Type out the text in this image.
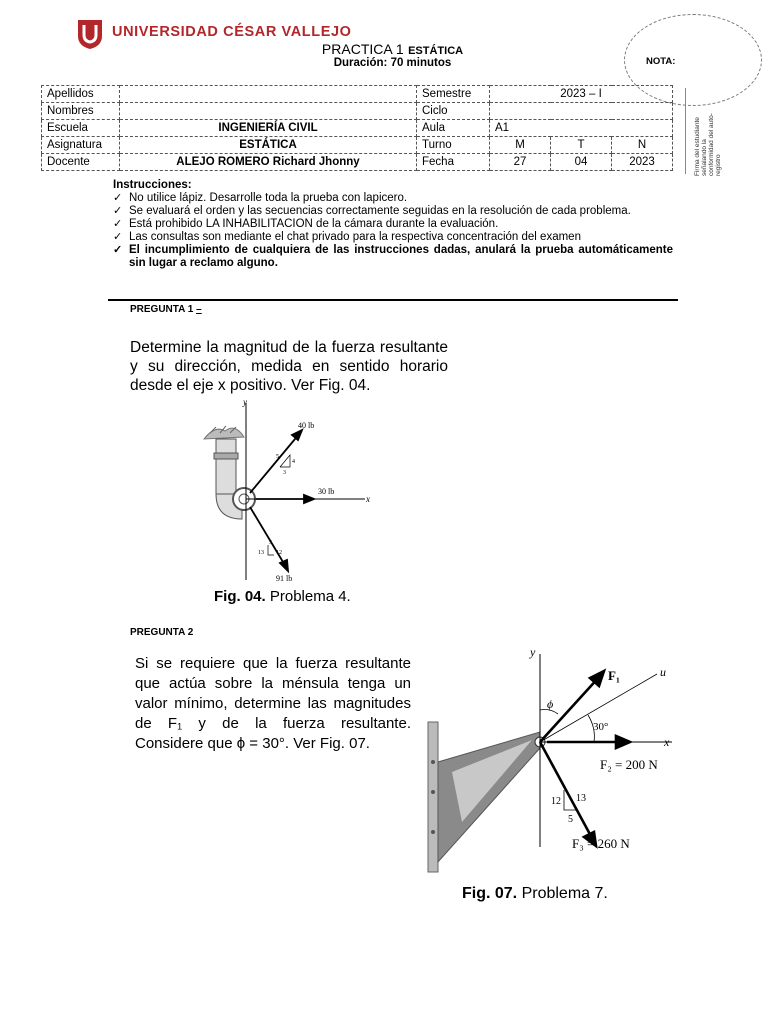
UNIVERSIDAD CÉSAR VALLEJO
PRACTICA 1 ESTÁTICA
Duración: 70 minutos	NOTA:
Apellidos		Semestre	2023 – I		
Nombres		Ciclo			
Escuela	INGENIERÍA CIVIL	Aula	A1		
Asignatura	ESTÁTICA	Turno	M	T	N
Docente	ALEJO ROMERO Richard Jhonny	Fecha	27	04	2023	Firma del estudiante señalando la conformidad del auto-registro
Instrucciones:
✓ No utilice lápiz. Desarrolle toda la prueba con lapicero.
✓ Se evaluará el orden y las secuencias correctamente seguidas en la resolución de cada problema.
✓ Está prohibido LA INHABILITACION de la cámara durante la evaluación.
✓ Las consultas son mediante el chat privado para la respectiva concentración del examen
✓ El incumplimiento de cualquiera de las instrucciones dadas, anulará la prueba automáticamente sin lugar a reclamo alguno.
PREGUNTA 1 –
Determine la magnitud de la fuerza resultante y su dirección, medida en sentido horario desde el eje x positivo. Ver Fig. 04.
y
x
40 lb
30 lb
91 lb
5
4
3
5
13 12
Fig. 04. Problema 4.
PREGUNTA 2
Si se requiere que la fuerza resultante que actúa sobre la ménsula tenga un valor mínimo, determine las magnitudes de F₁ y de la fuerza resultante. Considere que ϕ = 30°. Ver Fig. 07.
y
x
u
ϕ
30°
F₁
F₂ = 200 N
F₃ = 260 N
13
12
5
Fig. 07. Problema 7.
